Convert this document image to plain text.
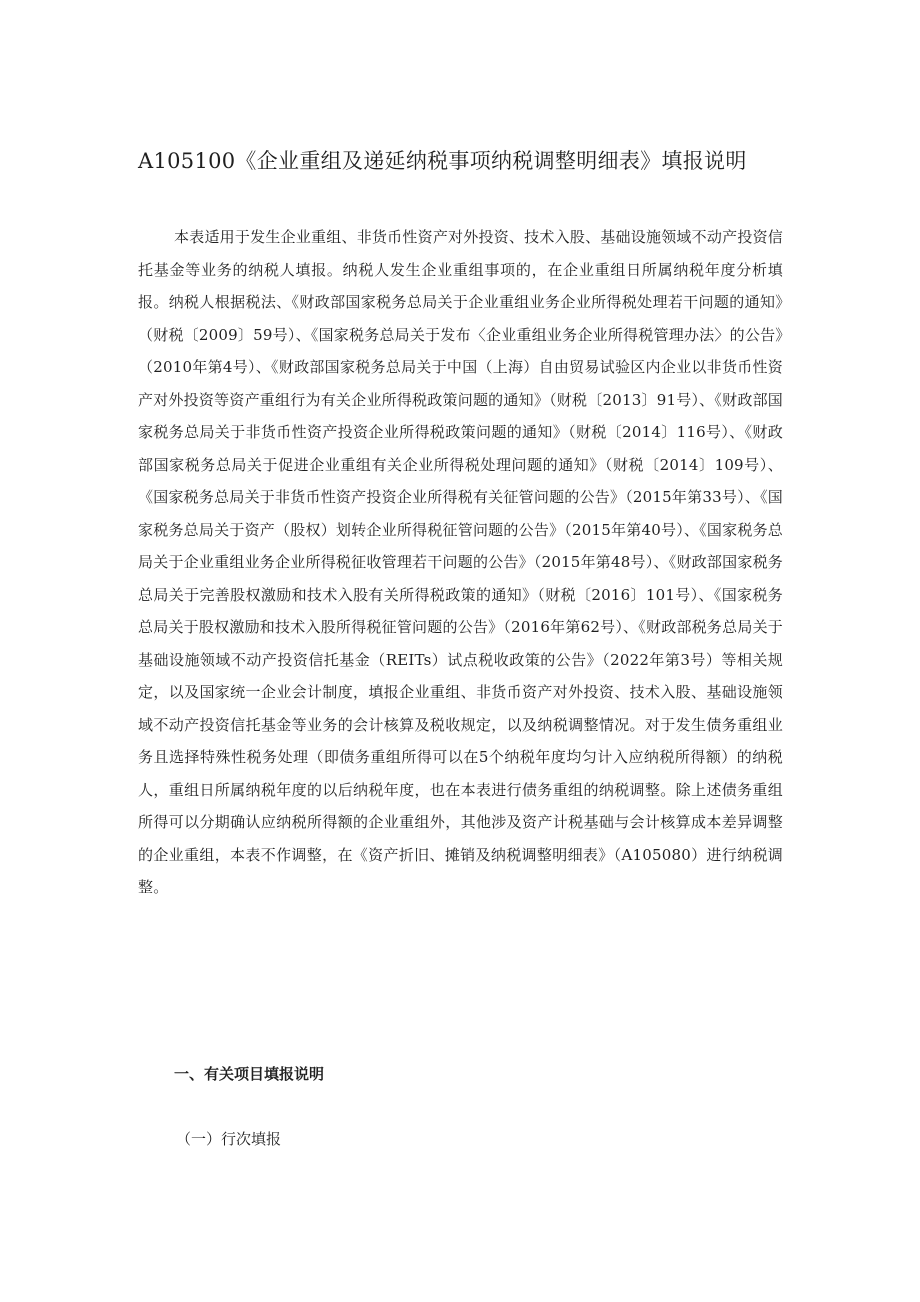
A105100《企业重组及递延纳税事项纳税调整明细表》填报说明
本表适用于发生企业重组、非货币性资产对外投资、技术入股、基础设施领域不动产投资信托基金等业务的纳税人填报。纳税人发生企业重组事项的，在企业重组日所属纳税年度分析填报。纳税人根据税法、《财政部国家税务总局关于企业重组业务企业所得税处理若干问题的通知》（财税〔2009〕59号）、《国家税务总局关于发布〈企业重组业务企业所得税管理办法〉的公告》（2010年第4号）、《财政部国家税务总局关于中国（上海）自由贸易试验区内企业以非货币性资产对外投资等资产重组行为有关企业所得税政策问题的通知》（财税〔2013〕91号）、《财政部国家税务总局关于非货币性资产投资企业所得税政策问题的通知》（财税〔2014〕116号）、《财政部国家税务总局关于促进企业重组有关企业所得税处理问题的通知》（财税〔2014〕109号）、《国家税务总局关于非货币性资产投资企业所得税有关征管问题的公告》（2015年第33号）、《国家税务总局关于资产（股权）划转企业所得税征管问题的公告》（2015年第40号）、《国家税务总局关于企业重组业务企业所得税征收管理若干问题的公告》（2015年第48号）、《财政部国家税务总局关于完善股权激励和技术入股有关所得税政策的通知》（财税〔2016〕101号）、《国家税务总局关于股权激励和技术入股所得税征管问题的公告》（2016年第62号）、《财政部税务总局关于基础设施领域不动产投资信托基金（REITs）试点税收政策的公告》（2022年第3号）等相关规定，以及国家统一企业会计制度，填报企业重组、非货币资产对外投资、技术入股、基础设施领域不动产投资信托基金等业务的会计核算及税收规定，以及纳税调整情况。对于发生债务重组业务且选择特殊性税务处理（即债务重组所得可以在5个纳税年度均匀计入应纳税所得额）的纳税人，重组日所属纳税年度的以后纳税年度，也在本表进行债务重组的纳税调整。除上述债务重组所得可以分期确认应纳税所得额的企业重组外，其他涉及资产计税基础与会计核算成本差异调整的企业重组，本表不作调整，在《资产折旧、摊销及纳税调整明细表》（A105080）进行纳税调整。
一、有关项目填报说明
（一）行次填报
